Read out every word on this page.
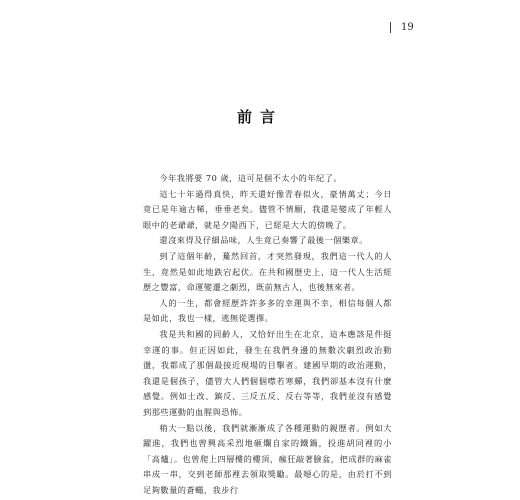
19
前言

今年我將要 70 歲，這可是個不太小的年紀了。

這七十年過得真快，昨天還好像青春似火，豪情萬丈；今日竟已是年逾古稀，垂垂老矣。儘管不情願，我還是變成了年輕人眼中的老爺爺，就是夕陽西下，已經是大大的傍晚了。

還沒來得及仔細品味，人生竟已奏響了最後一個樂章。

到了這個年齡，驀然回首，才突然發現，我們這一代人的人生，竟然是如此地跌宕起伏。在共和國歷史上，這一代人生活經歷之豐富，命運變遷之劇烈，既前無古人，也後無來者。

人的一生，都會經歷許許多多的幸運與不幸，相信每個人都是如此，我也一樣，逃無從選擇。

我是共和國的同齡人，又恰好出生在北京，這本應該是件挺幸運的事。但正因如此，發生在我們身邊的無數次劇烈政治動盪，我都成了那個最接近現場的目擊者。建國早期的政治運動，我還是個孩子，儘管大人們個個噤若寒蟬，我們卻基本沒有什麼感覺。例如土改、鎮反、三反五反、反右等等，我們並沒有感覺到那些運動的血腥與恐怖。

稍大一點以後，我們就漸漸成了各種運動的親歷者。例如大躍進，我們也曾興高采烈地砸爛自家的鐵鍋，投進胡同裡的小「高爐」。也曾爬上四層樓的樓頂，瘋狂敲著臉盆，把成群的麻雀串成一串，交到老師那裡去領取獎勵。最噁心的是，由於打不到足夠數量的蒼蠅，我步行
